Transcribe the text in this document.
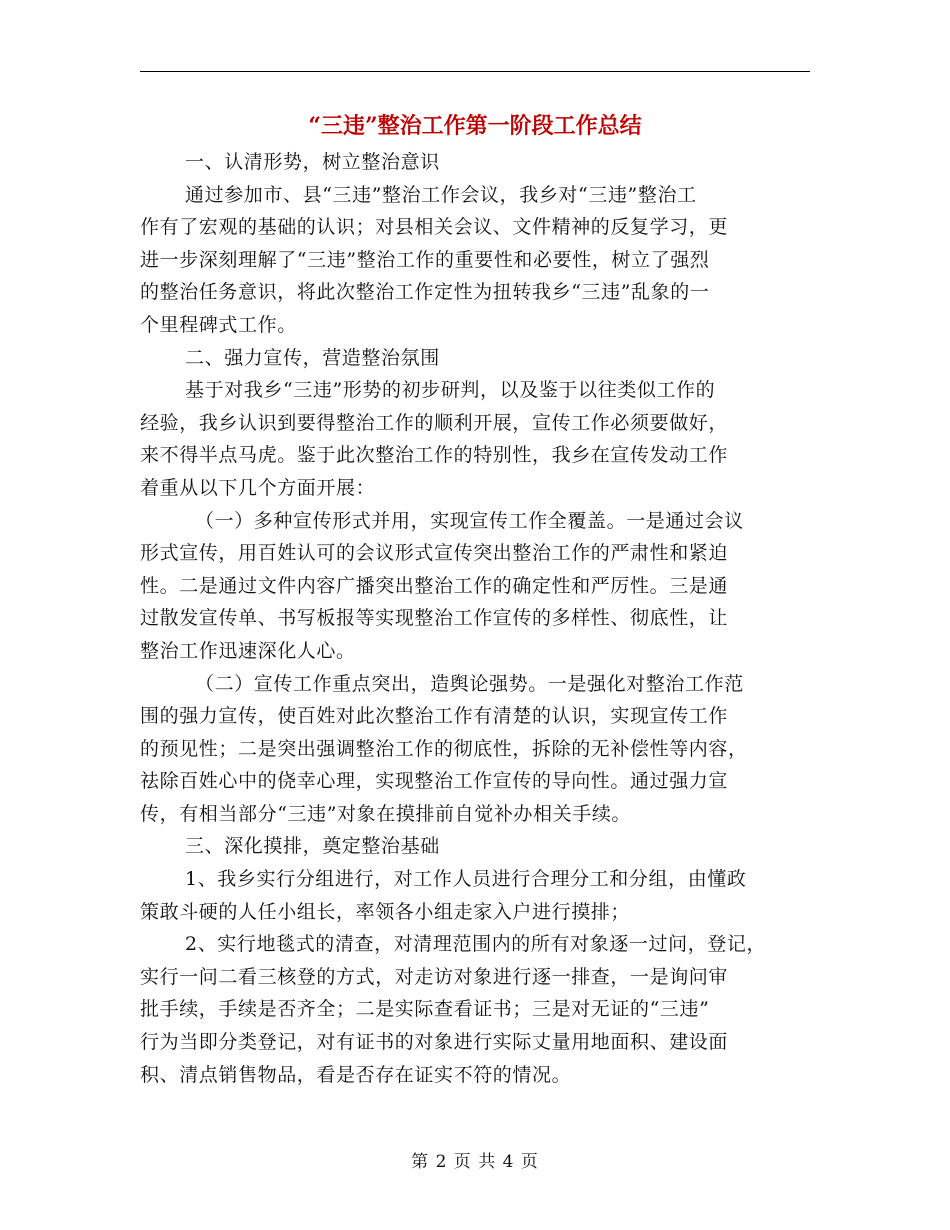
“三违”整治工作第一阶段工作总结
一、认清形势，树立整治意识
通过参加市、县“三违”整治工作会议，我乡对“三违”整治工
作有了宏观的基础的认识；对县相关会议、文件精神的反复学习，更
进一步深刻理解了“三违”整治工作的重要性和必要性，树立了强烈
的整治任务意识，将此次整治工作定性为扭转我乡“三违”乱象的一
个里程碑式工作。
二、强力宣传，营造整治氛围
基于对我乡“三违”形势的初步研判，以及鉴于以往类似工作的
经验，我乡认识到要得整治工作的顺利开展，宣传工作必须要做好，
来不得半点马虎。鉴于此次整治工作的特别性，我乡在宣传发动工作
着重从以下几个方面开展：
（一）多种宣传形式并用，实现宣传工作全覆盖。一是通过会议
形式宣传，用百姓认可的会议形式宣传突出整治工作的严肃性和紧迫
性。二是通过文件内容广播突出整治工作的确定性和严厉性。三是通
过散发宣传单、书写板报等实现整治工作宣传的多样性、彻底性，让
整治工作迅速深化人心。
（二）宣传工作重点突出，造舆论强势。一是强化对整治工作范
围的强力宣传，使百姓对此次整治工作有清楚的认识，实现宣传工作
的预见性；二是突出强调整治工作的彻底性，拆除的无补偿性等内容，
祛除百姓心中的侥幸心理，实现整治工作宣传的导向性。通过强力宣
传，有相当部分“三违”对象在摸排前自觉补办相关手续。
三、深化摸排，奠定整治基础
1、我乡实行分组进行，对工作人员进行合理分工和分组，由懂政
策敢斗硬的人任小组长，率领各小组走家入户进行摸排；
2、实行地毯式的清查，对清理范围内的所有对象逐一过问，登记，
实行一问二看三核登的方式，对走访对象进行逐一排查，一是询问审
批手续，手续是否齐全；二是实际查看证书；三是对无证的“三违”
行为当即分类登记，对有证书的对象进行实际丈量用地面积、建设面
积、清点销售物品，看是否存在证实不符的情况。
第 2 页 共 4 页
